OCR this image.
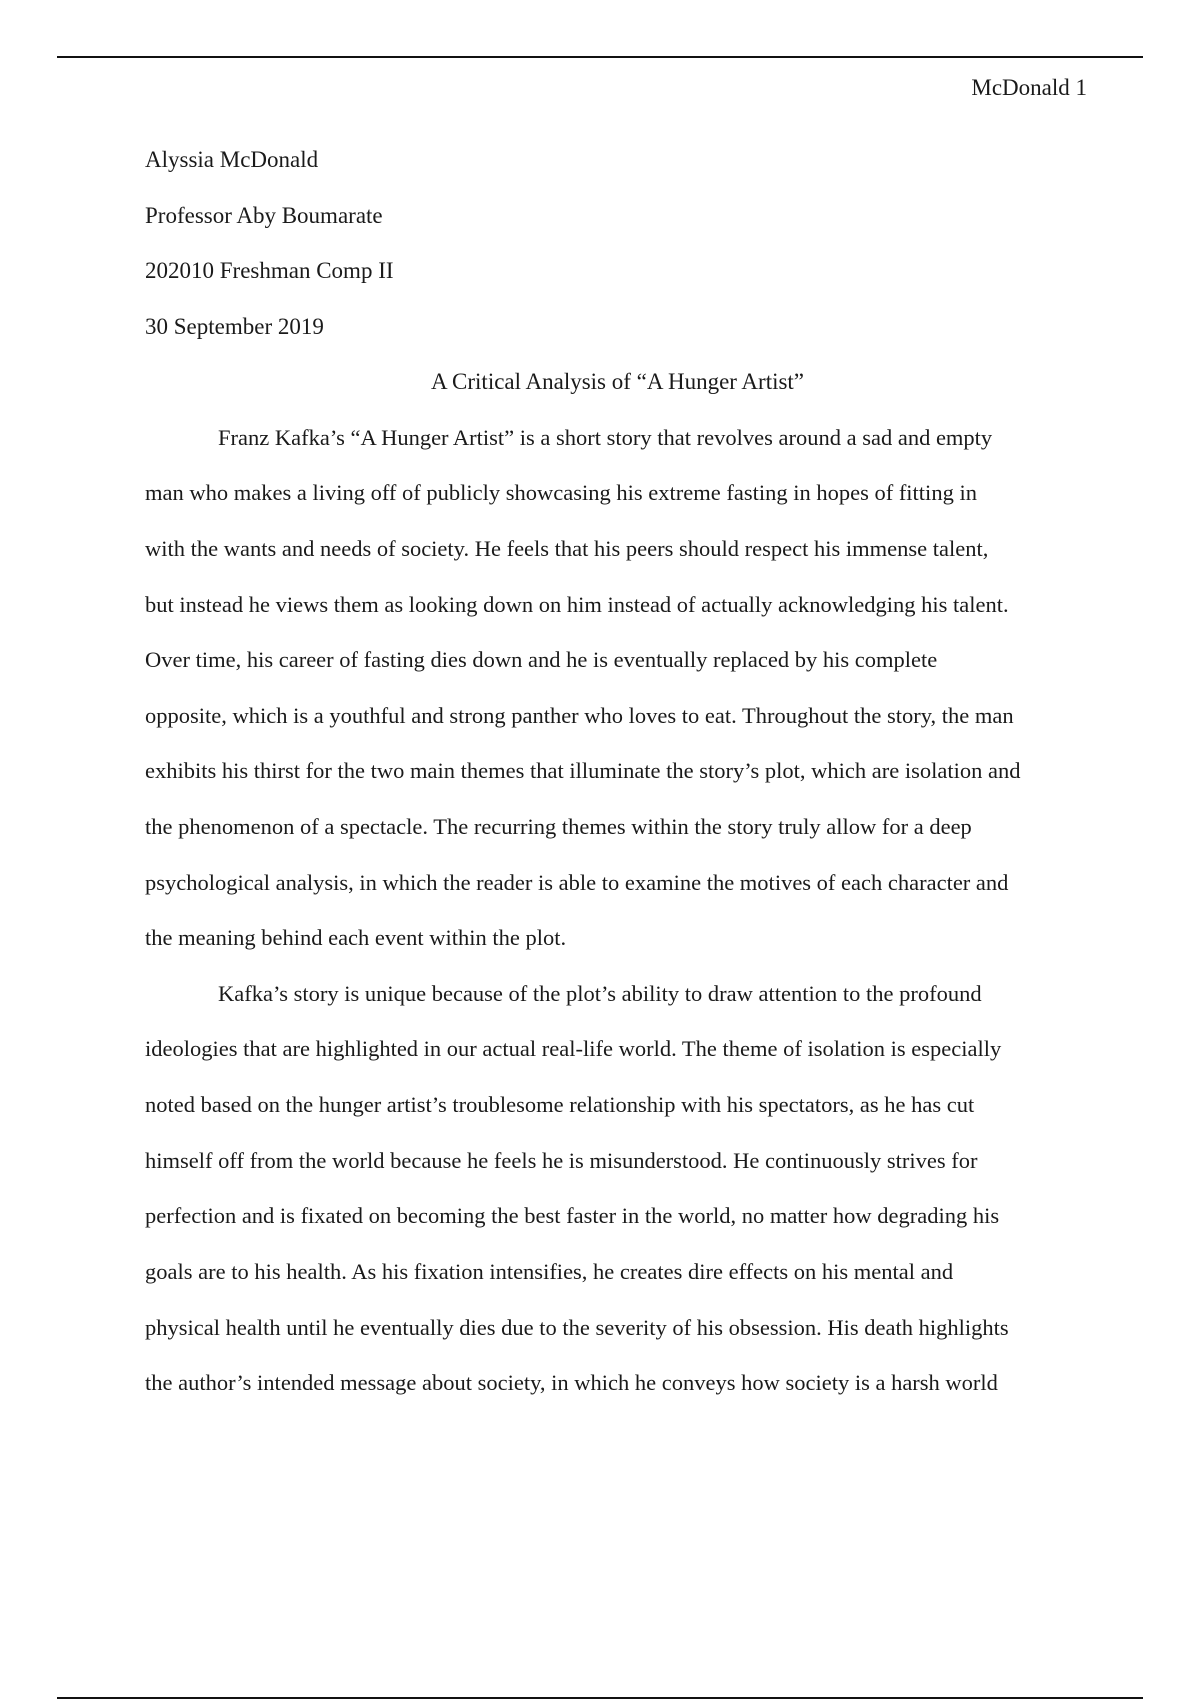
McDonald 1
Alyssia McDonald
Professor Aby Boumarate
202010 Freshman Comp II
30 September 2019
A Critical Analysis of “A Hunger Artist”
Franz Kafka’s “A Hunger Artist” is a short story that revolves around a sad and empty
man who makes a living off of publicly showcasing his extreme fasting in hopes of fitting in
with the wants and needs of society. He feels that his peers should respect his immense talent,
but instead he views them as looking down on him instead of actually acknowledging his talent.
Over time, his career of fasting dies down and he is eventually replaced by his complete
opposite, which is a youthful and strong panther who loves to eat. Throughout the story, the man
exhibits his thirst for the two main themes that illuminate the story’s plot, which are isolation and
the phenomenon of a spectacle. The recurring themes within the story truly allow for a deep
psychological analysis, in which the reader is able to examine the motives of each character and
the meaning behind each event within the plot.
Kafka’s story is unique because of the plot’s ability to draw attention to the profound
ideologies that are highlighted in our actual real-life world. The theme of isolation is especially
noted based on the hunger artist’s troublesome relationship with his spectators, as he has cut
himself off from the world because he feels he is misunderstood. He continuously strives for
perfection and is fixated on becoming the best faster in the world, no matter how degrading his
goals are to his health. As his fixation intensifies, he creates dire effects on his mental and
physical health until he eventually dies due to the severity of his obsession. His death highlights
the author’s intended message about society, in which he conveys how society is a harsh world
